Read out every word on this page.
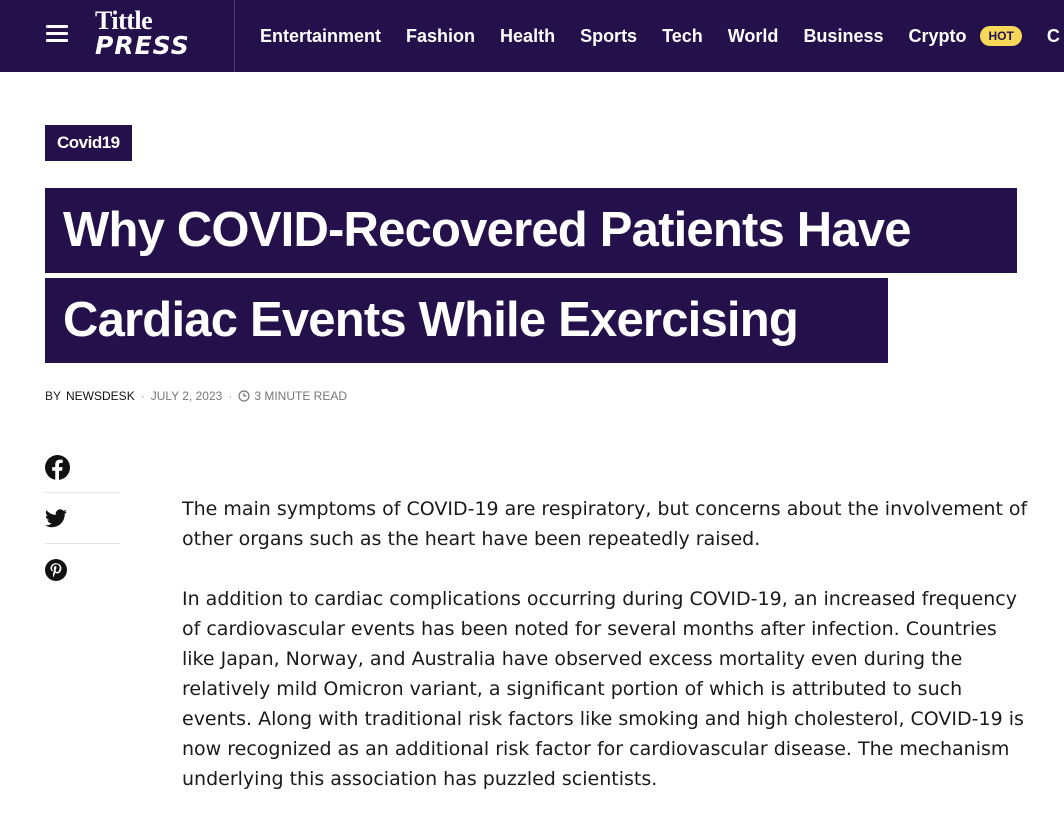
Tittle
PRESS	Entertainment Fashion Health Sports Tech World Business Crypto	HOT	C
Covid19
Why COVID-Recovered Patients Have
Cardiac Events While Exercising
BY NEWSDESK · JULY 2, 2023 · 3 MINUTE READ

The main symptoms of COVID-19 are respiratory, but concerns about the involvement of other organs such as the heart have been repeatedly raised.

In addition to cardiac complications occurring during COVID-19, an increased frequency of cardiovascular events has been noted for several months after infection. Countries like Japan, Norway, and Australia have observed excess mortality even during the relatively mild Omicron variant, a significant portion of which is attributed to such events. Along with traditional risk factors like smoking and high cholesterol, COVID-19 is now recognized as an additional risk factor for cardiovascular disease. The mechanism underlying this association has puzzled scientists.
